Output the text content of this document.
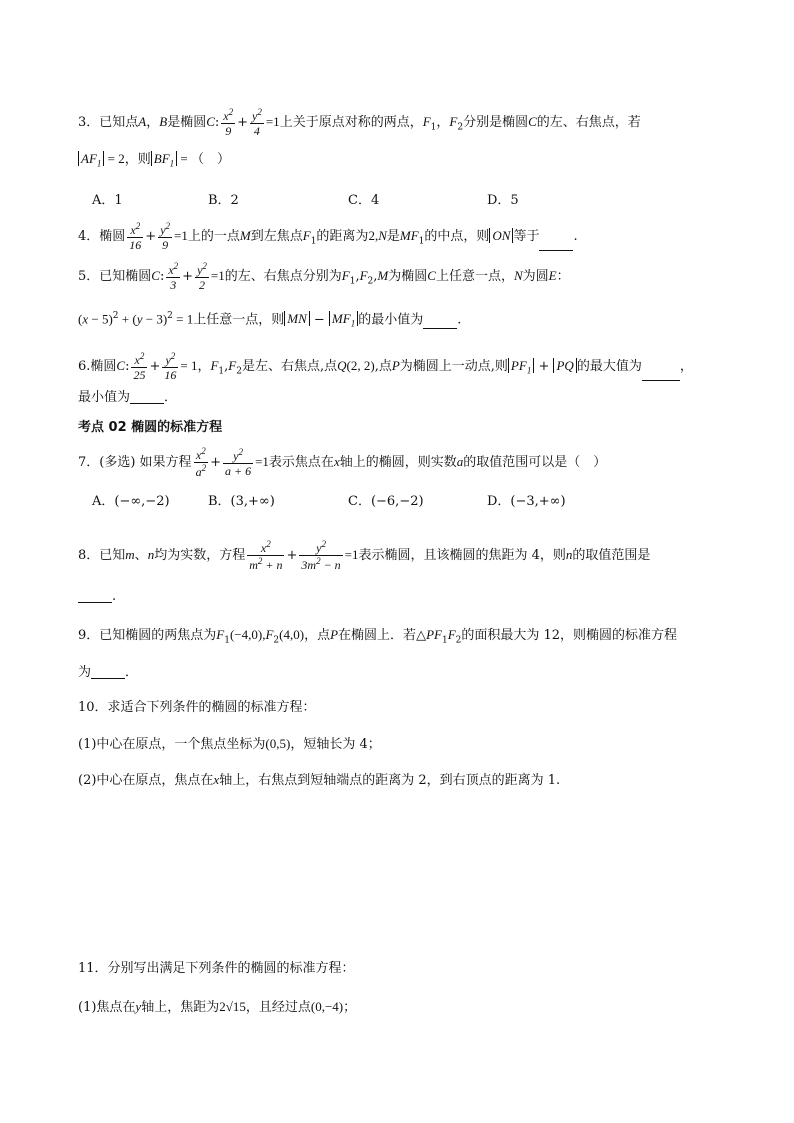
3．已知点A，B是椭圆C: $\frac{x^2}{9} + \frac{y^2}{4} =1$上关于原点对称的两点，$F_1$，$F_2$分别是椭圆C的左、右焦点，若
$AF_1 = 2$，则 $BF_1$ = （　）
A．1	B．2	C．4	D．5
4．椭圆 $\frac{x^2}{16} + \frac{y^2}{9} =1$上的一点M到左焦点$F_1$的距离为2,N是$MF_1$的中点，则 ON 等于	.
5．已知椭圆C: $\frac{x^2}{3} + \frac{y^2}{2} =1$的左、右焦点分别为$F_1,F_2,M$为椭圆C上任意一点，N为圆E：
$(x - 5)^2 + (y - 3)^2 = 1$上任意一点，则 MN − $MF_1$ 的最小值为	.
6.椭圆C: $\frac{x^2}{25} + \frac{y^2}{16} = 1$，$F_1,F_2$是左、右焦点,点Q(2, 2),点P为椭圆上一动点,则 $PF_1$ + PQ 的最大值为	，
最小值为	．
考点 02 椭圆的标准方程
7．(多选) 如果方程 $\frac{x^2}{a^2} + \frac{y^2}{a + 6} =1$表示焦点在x轴上的椭圆，则实数a的取值范围可以是（　）
A．(−∞,−2)	B．(3,+∞)	C．(−6,−2)	D．(−3,+∞)
8．已知m、n均为实数，方程 $\frac{x^2}{m^2 + n} + \frac{y^2}{3m^2 - n} =1$表示椭圆，且该椭圆的焦距为 4，则n的取值范围是
.
9．已知椭圆的两焦点为$F_1(-4,0),F_2(4,0)$，点P在椭圆上．若$\triangle PF_1F_2$的面积最大为 12，则椭圆的标准方程
为	．
10．求适合下列条件的椭圆的标准方程：
(1)中心在原点，一个焦点坐标为(0,5)，短轴长为 4；
(2)中心在原点，焦点在x轴上，右焦点到短轴端点的距离为 2，到右顶点的距离为 1.
11．分别写出满足下列条件的椭圆的标准方程：
(1)焦点在y轴上，焦距为2√15，且经过点(0,−4)；
